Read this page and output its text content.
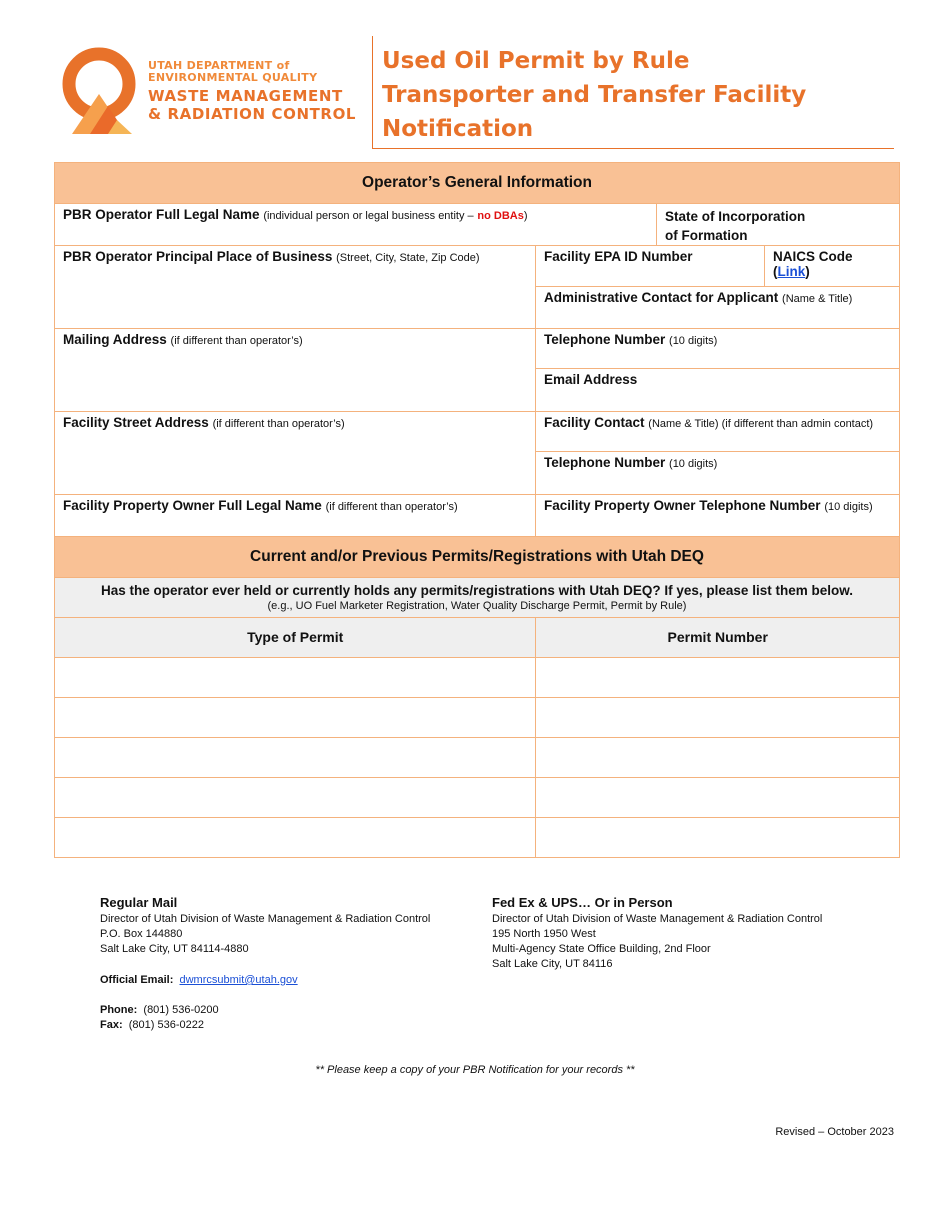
UTAH DEPARTMENT of
ENVIRONMENTAL QUALITY
WASTE MANAGEMENT
& RADIATION CONTROL
Used Oil Permit by Rule
Transporter and Transfer Facility
Notification
Operator’s General Information
PBR Operator Full Legal Name (individual person or legal business entity – no DBAs)	State of Incorporation
of Formation
PBR Operator Principal Place of Business (Street, City, State, Zip Code)	Facility EPA ID Number	NAICS Code (Link)
Administrative Contact for Applicant (Name & Title)
Mailing Address (if different than operator’s)	Telephone Number (10 digits)
Email Address
Facility Street Address (if different than operator’s)	Facility Contact (Name & Title) (if different than admin contact)
Telephone Number (10 digits)
Facility Property Owner Full Legal Name (if different than operator’s)	Facility Property Owner Telephone Number (10 digits)
Current and/or Previous Permits/Registrations with Utah DEQ
Has the operator ever held or currently holds any permits/registrations with Utah DEQ? If yes, please list them below.
(e.g., UO Fuel Marketer Registration, Water Quality Discharge Permit, Permit by Rule)
Type of Permit	Permit Number
Regular Mail
Director of Utah Division of Waste Management & Radiation Control
P.O. Box 144880
Salt Lake City, UT 84114-4880
Official Email: dwmrcsubmit@utah.gov
Phone: (801) 536-0200
Fax: (801) 536-0222
Fed Ex & UPS… Or in Person
Director of Utah Division of Waste Management & Radiation Control
195 North 1950 West
Multi-Agency State Office Building, 2nd Floor
Salt Lake City, UT 84116
** Please keep a copy of your PBR Notification for your records **
Revised – October 2023
